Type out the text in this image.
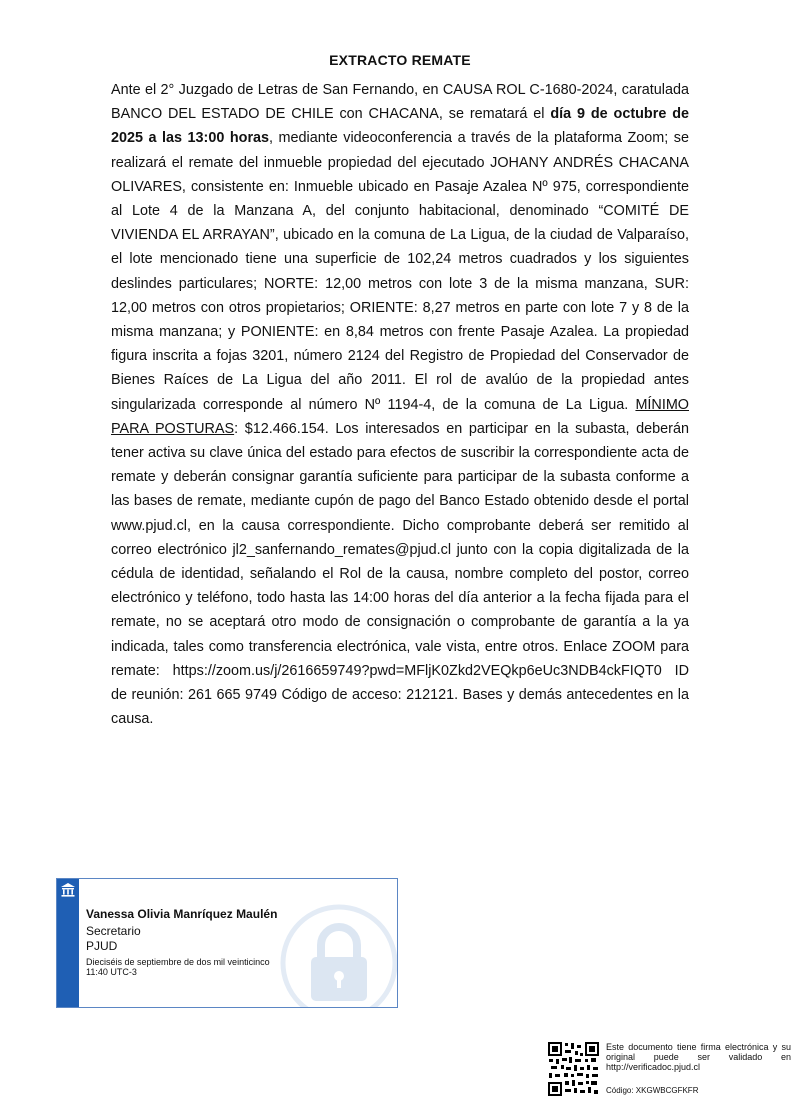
EXTRACTO REMATE
Ante el 2° Juzgado de Letras de San Fernando, en CAUSA ROL C-1680-2024, caratulada BANCO DEL ESTADO DE CHILE con CHACANA, se rematará el día 9 de octubre de 2025 a las 13:00 horas, mediante videoconferencia a través de la plataforma Zoom; se realizará el remate del inmueble propiedad del ejecutado JOHANY ANDRÉS CHACANA OLIVARES, consistente en: Inmueble ubicado en Pasaje Azalea Nº 975, correspondiente al Lote 4 de la Manzana A, del conjunto habitacional, denominado “COMITÉ DE VIVIENDA EL ARRAYAN”, ubicado en la comuna de La Ligua, de la ciudad de Valparaíso, el lote mencionado tiene una superficie de 102,24 metros cuadrados y los siguientes deslindes particulares; NORTE: 12,00 metros con lote 3 de la misma manzana, SUR: 12,00 metros con otros propietarios; ORIENTE: 8,27 metros en parte con lote 7 y 8 de la misma manzana; y PONIENTE: en 8,84 metros con frente Pasaje Azalea. La propiedad figura inscrita a fojas 3201, número 2124 del Registro de Propiedad del Conservador de Bienes Raíces de La Ligua del año 2011. El rol de avalúo de la propiedad antes singularizada corresponde al número Nº 1194-4, de la comuna de La Ligua. MÍNIMO PARA POSTURAS: $12.466.154. Los interesados en participar en la subasta, deberán tener activa su clave única del estado para efectos de suscribir la correspondiente acta de remate y deberán consignar garantía suficiente para participar de la subasta conforme a las bases de remate, mediante cupón de pago del Banco Estado obtenido desde el portal www.pjud.cl, en la causa correspondiente. Dicho comprobante deberá ser remitido al correo electrónico jl2_sanfernando_remates@pjud.cl junto con la copia digitalizada de la cédula de identidad, señalando el Rol de la causa, nombre completo del postor, correo electrónico y teléfono, todo hasta las 14:00 horas del día anterior a la fecha fijada para el remate, no se aceptará otro modo de consignación o comprobante de garantía a la ya indicada, tales como transferencia electrónica, vale vista, entre otros. Enlace ZOOM para remate: https://zoom.us/j/2616659749?pwd=MFljK0Zkd2VEQkp6eUc3NDB4ckFIQT0 ID de reunión: 261 665 9749 Código de acceso: 212121. Bases y demás antecedentes en la causa.
Vanessa Olivia Manríquez Maulén
Secretario
PJUD
Dieciséis de septiembre de dos mil veinticinco
11:40 UTC-3
Este documento tiene firma electrónica y su original puede ser validado en http://verificadoc.pjud.cl
Código: XKGWBCGFKFR
